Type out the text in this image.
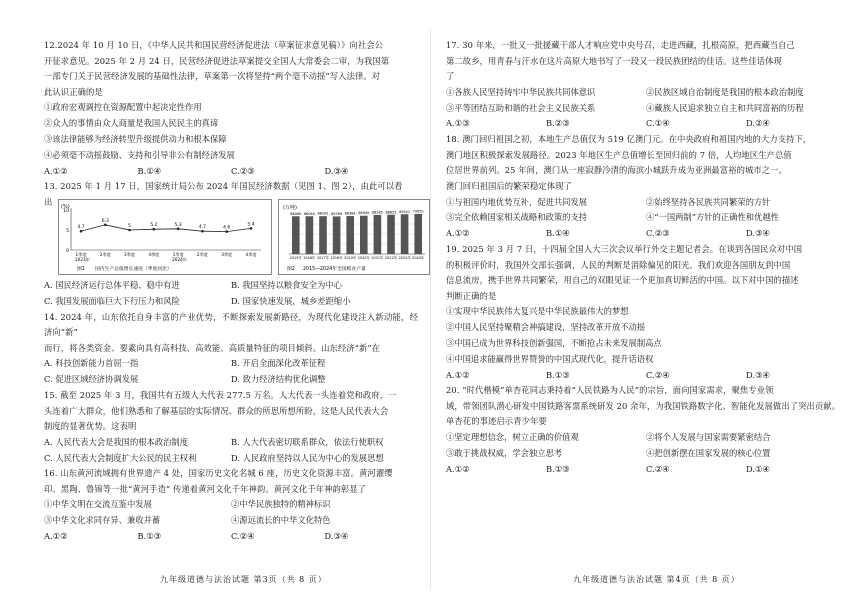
12.2024 年 10 月 10 日，《中华人民共和国民营经济促进法（草案征求意见稿）》向社会公

开征求意见。2025 年 2 月 24 日，民营经济促进法草案提交全国人大常委会二审，为我国第

一部专门关于民营经济发展的基础性法律，草案第一次将坚持“两个毫不动摇”写入法律。对

此认识正确的是

①政府宏观调控在资源配置中起决定性作用

②众人的事情由众人商量是我国人民民主的真谛

③该法律能够为经济转型升级提供动力和根本保障

④必须毫不动摇鼓励、支持和引导非公有制经济发展

A.①②	B.①④	C.②③	D.③④

13. 2025 年 1 月 17 日，国家统计局公布 2024 年国民经济数据（见图 1、图 2），由此可以看

出 (%)
0
5
10
4.7
1季度
6.3
2季度
5
3季度
5.2
4季度
5.3
1季度
4.7
2季度
4.6
3季度
5.4
4季度
2023年	2024年
图1 国内生产总值增长速度（季度同比）
(万吨)
66060
2015年
66044
2016年
66161
2017年
65789
2018年
66384
2019年
66949
2020年
68285
2021年
68653
2022年
69541
2023年
70650
2024年
图2 2015—2024年全国粮食产量
A. 国民经济运行总体平稳、稳中有进	B. 我国坚持以粮食安全为中心
C. 我国发展面临巨大下行压力和风险	D. 国家快速发展，城乡差距缩小

14. 2024 年，山东依托自身丰富的产业优势，不断探索发展新路径，为现代化建设注入新动能，经济向“新”

而行，将各类资金、要素向具有高科技、高效能、高质量特征的项目倾斜。山东经济“新”在

A. 科技创新能力首屈一指	B. 开启全面深化改革征程
C. 促进区域经济协调发展	D. 致力经济结构优化调整

15. 截至 2025 年 3 月，我国共有五级人大代表 277.5 万名。人大代表一头连着党和政府，一

头连着广大群众，他们熟悉和了解基层的实际情况、群众的所思所想所盼，这是人民代表大会

制度的显著优势。这表明

A. 人民代表大会是我国的根本政治制度	B. 人大代表密切联系群众，依法行使职权
C. 人民代表大会制度扩大公民的民主权利	D. 人民政府坚持以人民为中心的发展思想

16. 山东黄河流域拥有世界遗产 4 处，国家历史文化名城 6 座，历史文化资源丰富。黄河濯缨

印、黑陶、鲁锦等一批“黄河手造” 传递着黄河文化千年神韵。黄河文化千年神韵彰显了

①中华文明在交流互鉴中发展	②中华民族独特的精神标识
③中华文化求同存异、兼收并蓄	④源远流长的中华文化特色
A.①②	B.①③	C.②④	D.③④
九年级道德与法治试题 第3页（共 8 页）

17. 30 年来，一批又一批援藏干部人才响应党中央号召，走进西藏，扎根高原，把西藏当自己

第二故乡，用青春与汗水在这片高原大地书写了一段又一段民族团结的佳话。这些佳话体现

了

①各族人民坚持铸牢中华民族共同体意识	②民族区域自治制度是我国的根本政治制度
③平等团结互助和谐的社会主义民族关系	④藏族人民追求独立自主和共同富裕的历程
A.①③	B.②③	C.①④	D.②④

18. 澳门回归祖国之初，本地生产总值仅为 519 亿澳门元。在中央政府和祖国内地的大力支持下，

澳门地区积极探索发展路径。2023 年地区生产总值增长至回归前的 7 倍，人均地区生产总值

位居世界前列。25 年间，澳门从一座寂静冷清的海滨小城跃升成为亚洲最富裕的城市之一。

澳门回归祖国后的繁荣稳定体现了

①与祖国内地优势互补，促进共同发展	②始终坚持各民族共同繁荣的方针
③完全依赖国家相关战略和政策的支持	④“一国两制”方针的正确性和优越性
A.①②	B.①④	C.②③	D.③④

19. 2025 年 3 月 7 日，十四届全国人大三次会议举行外交主题记者会。在谈到各国民众对中国

的积极评价时，我国外交部长强调，人民的判断是消除偏见的阳光。我们欢迎各国朋友到中国

信息流房，携手世界共同繁荣，用自己的双眼见证一个更加真切鲜活的中国。以下对中国的描述

判断正确的是

①实现中华民族伟大复兴是中华民族最伟大的梦想

②中国人民坚持聚精会神搞建设，坚持改革开放不动摇

③中国已成为世界科技创新强国，不断抢占未来发展制高点

④中国追求能赢得世界赞誉的中国式现代化，提升话语权

A.①②	B.①③	C.②④	D.③④

20. “时代楷模”单杏花同志秉持着“人民铁路为人民”的宗旨，面向国家需求，聚焦专业领

域，带领团队潜心研发中国铁路客票系统研发 20 余年，为我国铁路数字化、智能化发展做出了突出贡献。

单杏花的事迹启示青少年要

①坚定理想信念，树立正确的价值观	②将个人发展与国家需要紧密结合
③敢于挑战权威，学会独立思考	④把创新摆在国家发展的核心位置
A.①②	B.①③	C.②④	D.①④
九年级道德与法治试题 第4页（共 8 页）
